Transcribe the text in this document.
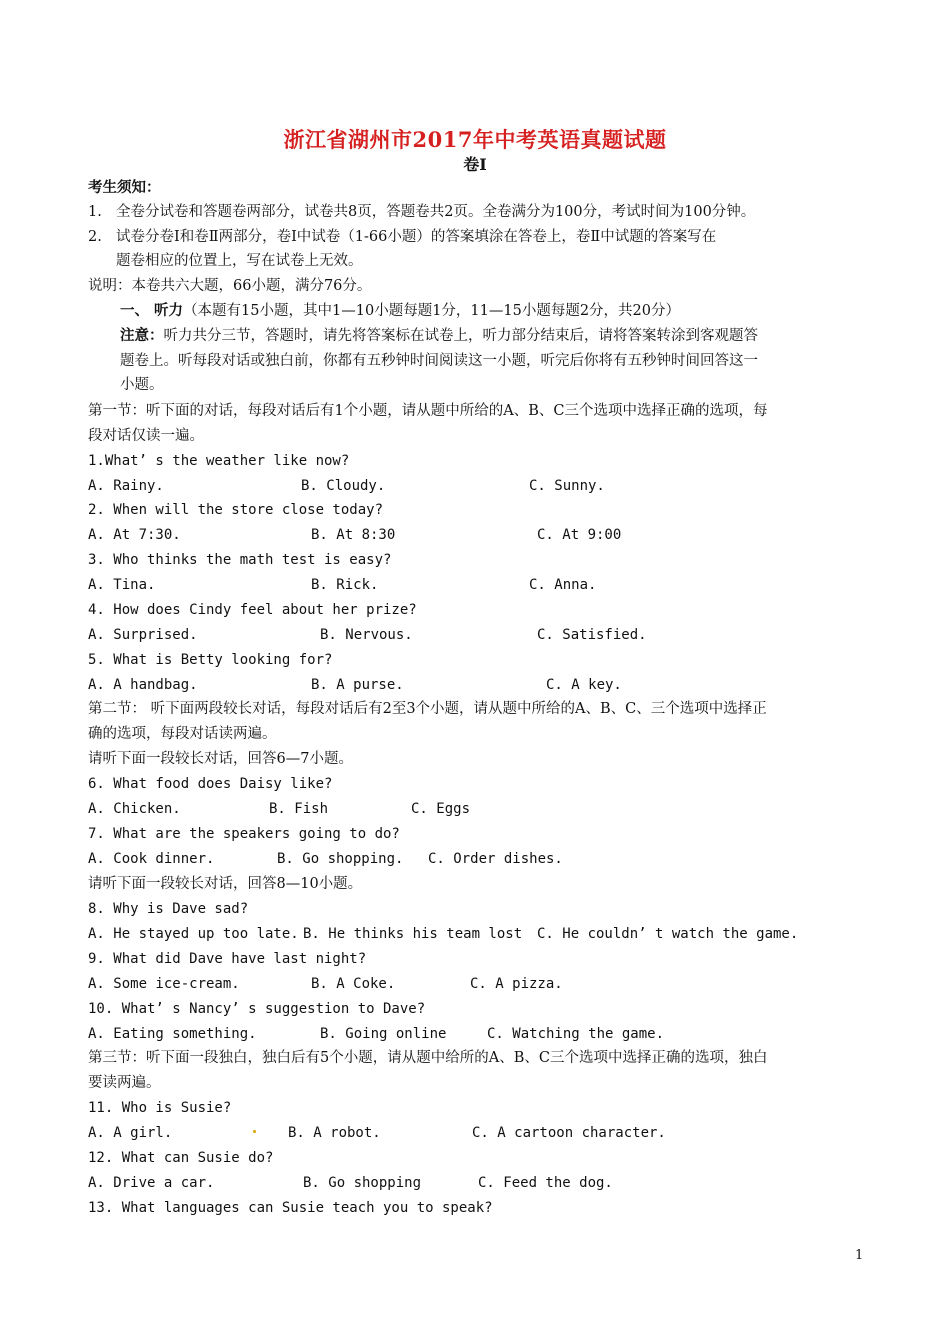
浙江省湖州市2017年中考英语真题试题
卷Ⅰ
考生须知：
1. 全卷分试卷和答题卷两部分，试卷共8页，答题卷共2页。全卷满分为100分，考试时间为100分钟。
2. 试卷分卷Ⅰ和卷Ⅱ两部分，卷Ⅰ中试卷（1-66小题）的答案填涂在答卷上，卷Ⅱ中试题的答案写在
题卷相应的位置上，写在试卷上无效。
说明：本卷共六大题，66小题，满分76分。
一、 听力（本题有15小题，其中1—10小题每题1分，11—15小题每题2分，共20分）
注意：听力共分三节，答题时，请先将答案标在试卷上，听力部分结束后，请将答案转涂到客观题答
题卷上。听每段对话或独白前，你都有五秒钟时间阅读这一小题，听完后你将有五秒钟时间回答这一
小题。
第一节：听下面的对话，每段对话后有1个小题，请从题中所给的A、B、C三个选项中选择正确的选项，每
段对话仅读一遍。
1.What’ s the weather like now?
A. Rainy.	B. Cloudy.	C. Sunny.
2. When will the store close today?
A. At 7:30.	B. At 8:30	C. At 9:00
3. Who thinks the math test is easy?
A. Tina.	B. Rick.	C. Anna.
4. How does Cindy feel about her prize?
A. Surprised.	B. Nervous.	C. Satisfied.
5. What is Betty looking for?
A. A handbag.	B. A purse.	C. A key.
第二节： 听下面两段较长对话，每段对话后有2至3个小题，请从题中所给的A、B、C、三个选项中选择正
确的选项，每段对话读两遍。
请听下面一段较长对话，回答6—7小题。
6. What food does Daisy like?
A. Chicken.	B. Fish	C. Eggs
7. What are the speakers going to do?
A. Cook dinner.	B. Go shopping. C. Order dishes.
请听下面一段较长对话，回答8—10小题。
8. Why is Dave sad?
A. He stayed up too late. B. He thinks his team lost C. He couldn’ t watch the game.
9. What did Dave have last night?
A. Some ice-cream.	B. A Coke.	C. A pizza.
10. What’ s Nancy’ s suggestion to Dave?
A. Eating something.	B. Going online	C. Watching the game.
第三节：听下面一段独白，独白后有5个小题，请从题中给所的A、B、C三个选项中选择正确的选项，独白
要读两遍。
11. Who is Susie?
A. A girl.	B. A robot.	C. A cartoon character.
12. What can Susie do?
A. Drive a car.	B. Go shopping	C. Feed the dog.
13. What languages can Susie teach you to speak?
1
